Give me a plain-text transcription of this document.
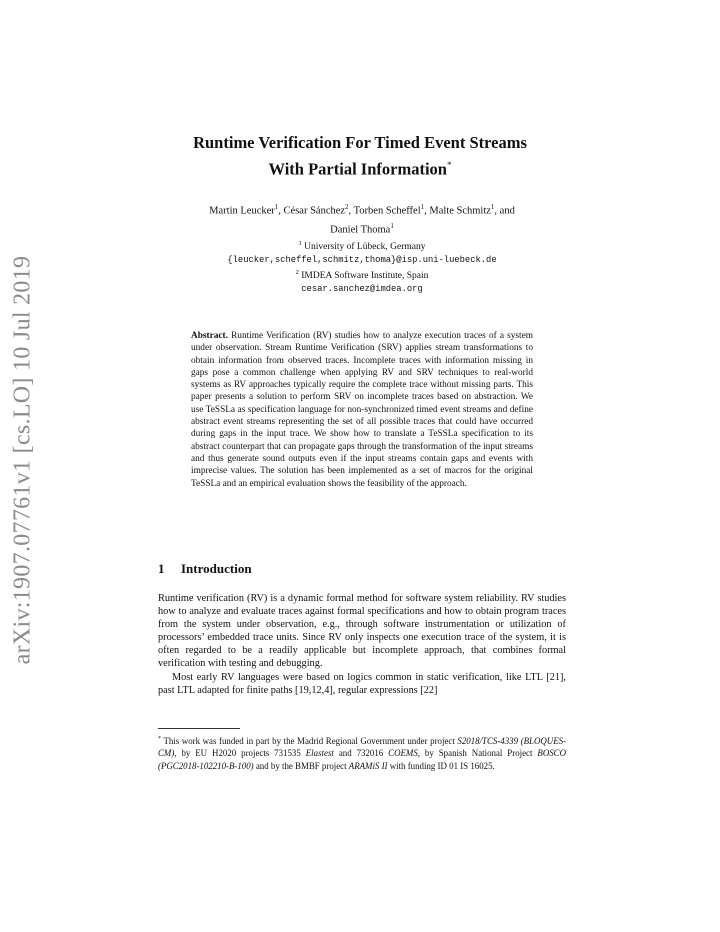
arXiv:1907.07761v1 [cs.LO] 10 Jul 2019
Runtime Verification For Timed Event Streams
With Partial Information*
Martin Leucker$^1$, César Sánchez$^2$, Torben Scheffel$^1$, Malte Schmitz$^1$, and
Daniel Thoma$^1$
$^1$ University of Lübeck, Germany
{leucker,scheffel,schmitz,thoma}@isp.uni-luebeck.de
$^2$ IMDEA Software Institute, Spain
cesar.sanchez@imdea.org
Abstract. Runtime Verification (RV) studies how to analyze execution traces of a system under observation. Stream Runtime Verification (SRV) applies stream transformations to obtain information from observed traces. Incomplete traces with information missing in gaps pose a common challenge when applying RV and SRV techniques to real-world systems as RV approaches typically require the complete trace without missing parts. This paper presents a solution to perform SRV on incomplete traces based on abstraction. We use TeSSLa as specification language for non-synchronized timed event streams and define abstract event streams representing the set of all possible traces that could have occurred during gaps in the input trace. We show how to translate a TeSSLa specification to its abstract counterpart that can propagate gaps through the transformation of the input streams and thus generate sound outputs even if the input streams contain gaps and events with imprecise values. The solution has been implemented as a set of macros for the original TeSSLa and an empirical evaluation shows the feasibility of the approach.
1 Introduction

Runtime verification (RV) is a dynamic formal method for software system reliability. RV studies how to analyze and evaluate traces against formal specifications and how to obtain program traces from the system under observation, e.g., through software instrumentation or utilization of processors’ embedded trace units. Since RV only inspects one execution trace of the system, it is often regarded to be a readily applicable but incomplete approach, that combines formal verification with testing and debugging.

Most early RV languages were based on logics common in static verification, like LTL [21], past LTL adapted for finite paths [19,12,4], regular expressions [22]

* This work was funded in part by the Madrid Regional Government under project S2018/TCS-4339 (BLOQUES-CM), by EU H2020 projects 731535 Elastest and 732016 COEMS, by Spanish National Project BOSCO (PGC2018-102210-B-100) and by the BMBF project ARAMiS II with funding ID 01 IS 16025.
